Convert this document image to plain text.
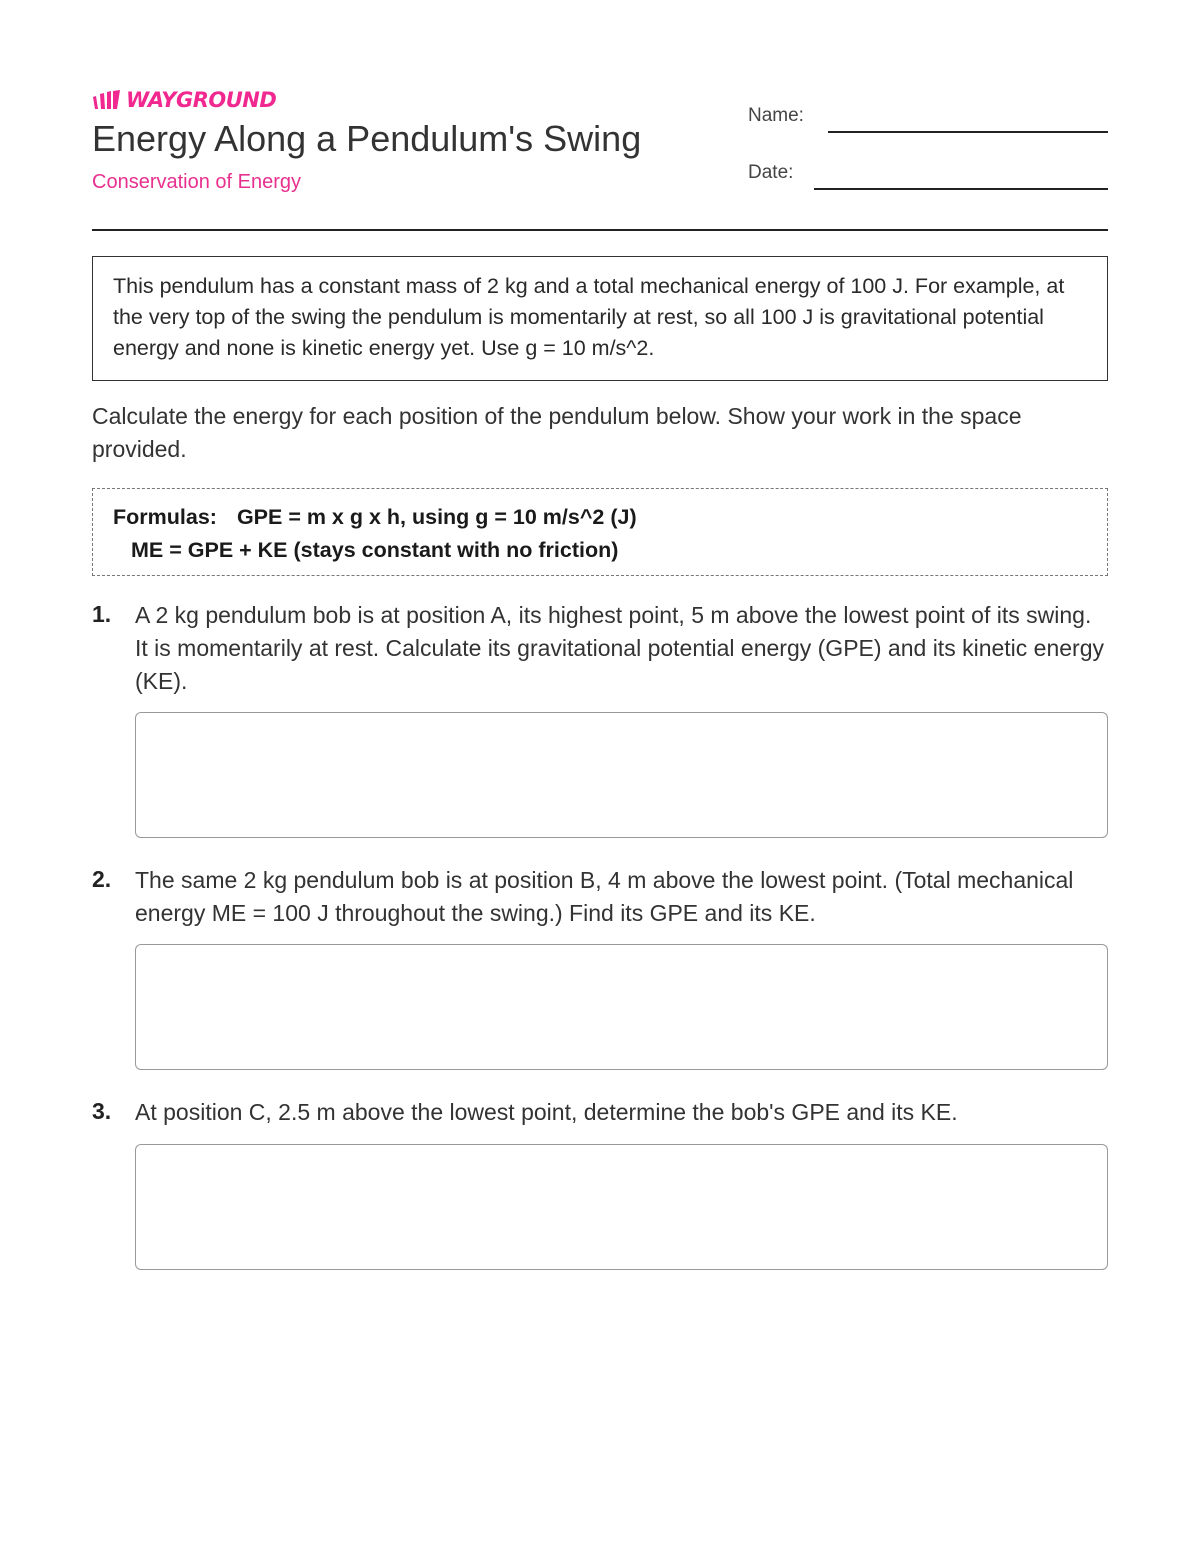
WAYGROUND
Energy Along a Pendulum's Swing
Conservation of Energy
Name:
Date:
This pendulum has a constant mass of 2 kg and a total mechanical energy of 100 J. For example, at the very top of the swing the pendulum is momentarily at rest, so all 100 J is gravitational potential energy and none is kinetic energy yet. Use g = 10 m/s^2.
Calculate the energy for each position of the pendulum below. Show your work in the space provided.
Formulas: GPE = m x g x h, using g = 10 m/s^2 (J)
ME = GPE + KE (stays constant with no friction)
1. A 2 kg pendulum bob is at position A, its highest point, 5 m above the lowest point of its swing. It is momentarily at rest. Calculate its gravitational potential energy (GPE) and its kinetic energy (KE).
2. The same 2 kg pendulum bob is at position B, 4 m above the lowest point. (Total mechanical energy ME = 100 J throughout the swing.) Find its GPE and its KE.
3. At position C, 2.5 m above the lowest point, determine the bob's GPE and its KE.
